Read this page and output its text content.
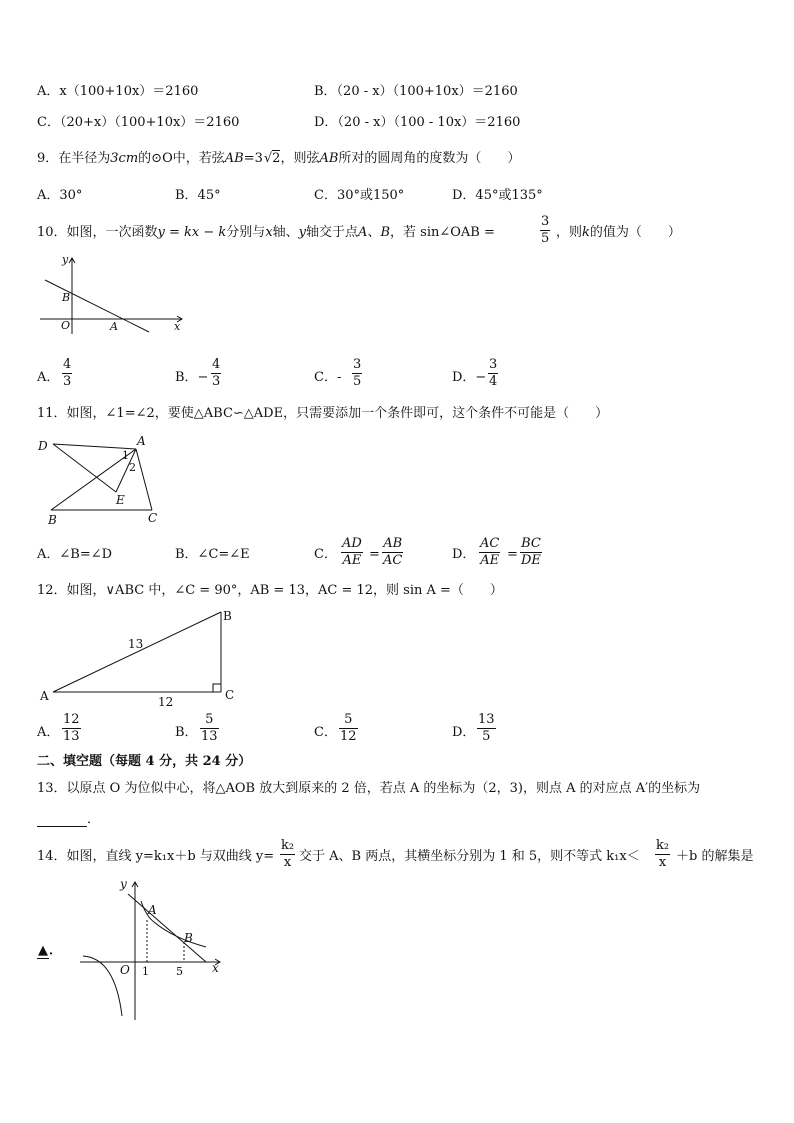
A．x（100+10x）＝2160	B．（20 - x）（100+10x）＝2160
C．（20+x）（100+10x）＝2160	D．（20 - x）（100 - 10x）＝2160
9．在半径为3cm的⊙O中，若弦AB=3√2，则弦AB所对的圆周角的度数为（　　）
A．30°	B．45°	C．30°或150°	D．45°或135°
10．如图，一次函数y = kx − k分别与x轴、y轴交于点A、B，若 sin∠OAB =	$\frac{3}{5}$ ，则k的值为（　　）
y
x
O	A
B
A． $\frac{4}{3}$	B．− $\frac{4}{3}$	C．- $\frac{3}{5}$	D．− $\frac{3}{4}$
11．如图，∠1=∠2，要使△ABC∽△ADE，只需要添加一个条件即可，这个条件不可能是（　　）
D	A
1
2
E
B	C
A．∠B=∠D	B．∠C=∠E	C． $\frac{AD}{AE} = \frac{AB}{AC}$	D． $\frac{AC}{AE} = \frac{BC}{DE}$
12．如图，∨ABC 中，∠C = 90°，AB = 13，AC = 12，则 sin A =（　　）
A
B
C
13
12
A． $\frac{12}{13}$	B． $\frac{5}{13}$	C． $\frac{5}{12}$	D． $\frac{13}{5}$
二、填空题（每题 4 分，共 24 分）
13．以原点 O 为位似中心，将△AOB 放大到原来的 2 倍，若点 A 的坐标为（2，3)，则点 A 的对应点 A′的坐标为
．
14．如图，直线 y=k₁x＋b 与双曲线 $y= \frac{\text{k₂}}{x}$ 交于 A、B 两点，其横坐标分别为 1 和 5，则不等式 $k_1x< \frac{\text{k₂}}{x} +b$ 的解集是
▲．
y
x
O
A
B
1 5
